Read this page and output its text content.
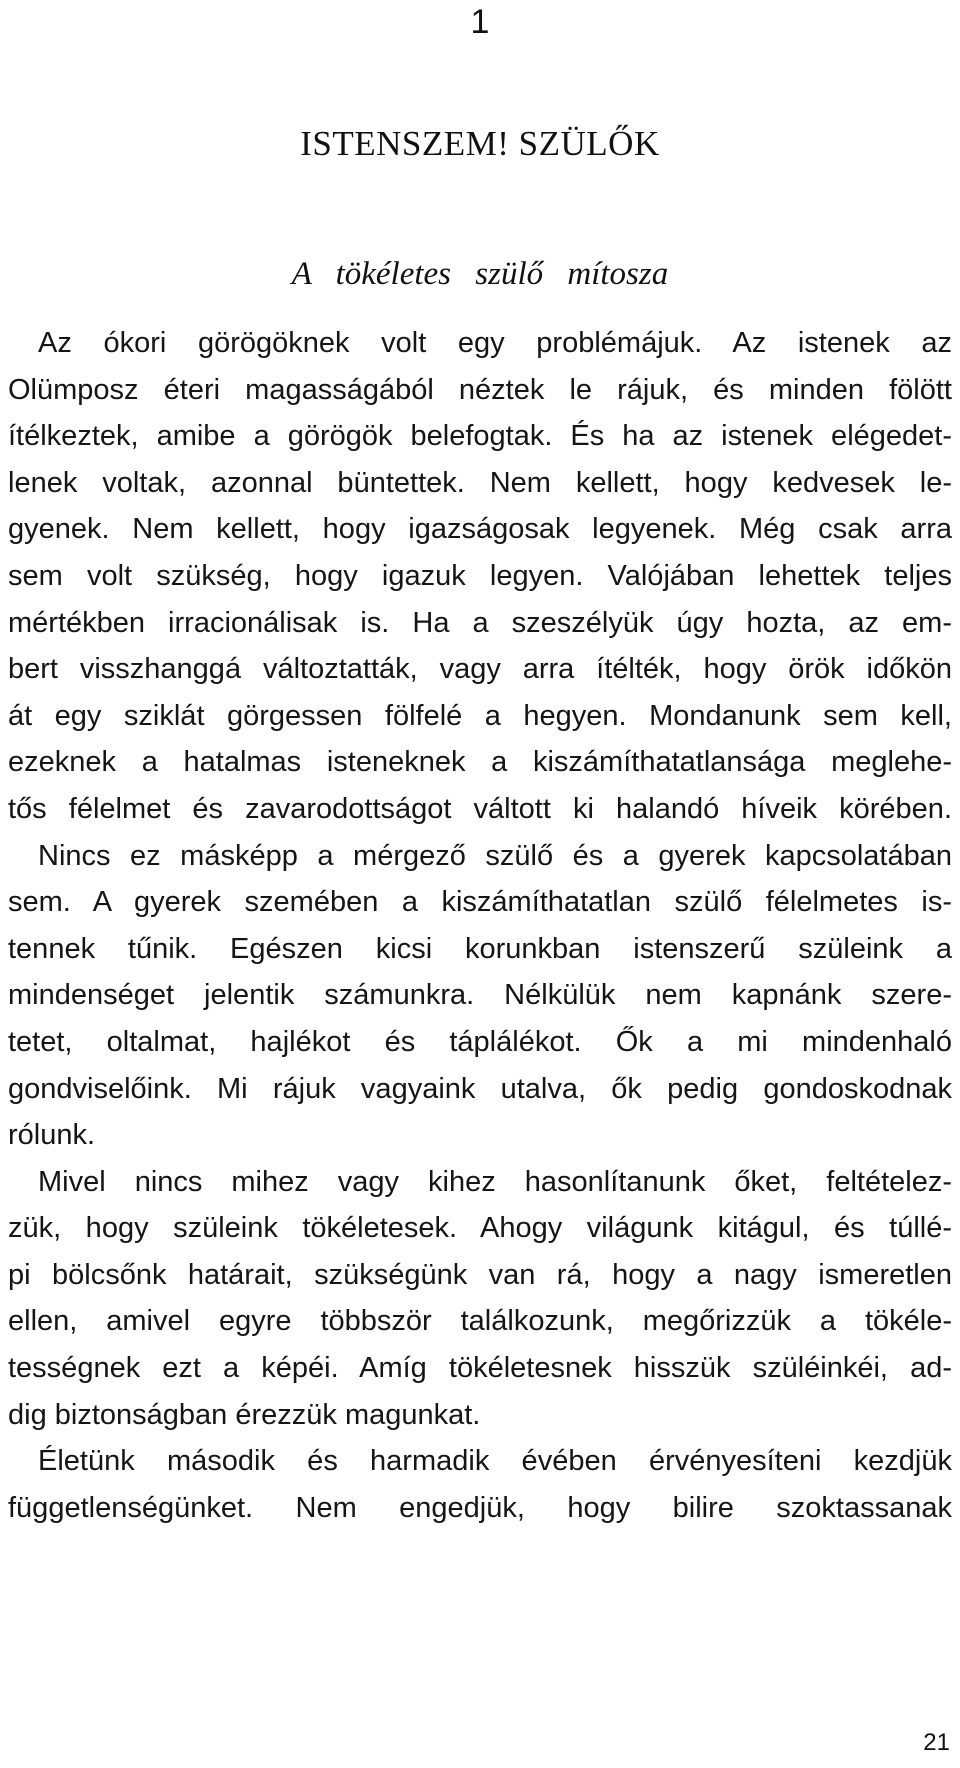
1
ISTENSZEM! SZÜLŐK
A tökéletes szülő mítosza
Az ókori görögöknek volt egy problémájuk. Az istenek az
Olümposz éteri magasságából néztek le rájuk, és minden fölött
ítélkeztek, amibe a görögök belefogtak. És ha az istenek elégedet-
lenek voltak, azonnal büntettek. Nem kellett, hogy kedvesek le-
gyenek. Nem kellett, hogy igazságosak legyenek. Még csak arra
sem volt szükség, hogy igazuk legyen. Valójában lehettek teljes
mértékben irracionálisak is. Ha a szeszélyük úgy hozta, az em-
bert visszhanggá változtatták, vagy arra ítélték, hogy örök időkön
át egy sziklát görgessen fölfelé a hegyen. Mondanunk sem kell,
ezeknek a hatalmas isteneknek a kiszámíthatatlansága meglehe-
tős félelmet és zavarodottságot váltott ki halandó híveik körében.
Nincs ez másképp a mérgező szülő és a gyerek kapcsolatában
sem. A gyerek szemében a kiszámíthatatlan szülő félelmetes is-
tennek tűnik. Egészen kicsi korunkban istenszerű szüleink a
mindenséget jelentik számunkra. Nélkülük nem kapnánk szere-
tetet, oltalmat, hajlékot és táplálékot. Ők a mi mindenhaló
gondviselőink. Mi rájuk vagyaink utalva, ők pedig gondoskodnak
rólunk.
Mivel nincs mihez vagy kihez hasonlítanunk őket, feltételez-
zük, hogy szüleink tökéletesek. Ahogy világunk kitágul, és túllé-
pi bölcsőnk határait, szükségünk van rá, hogy a nagy ismeretlen
ellen, amivel egyre többször találkozunk, megőrizzük a tökéle-
tességnek ezt a képéi. Amíg tökéletesnek hisszük szüléinkéi, ad-
dig biztonságban érezzük magunkat.
Életünk második és harmadik évében érvényesíteni kezdjük
függetlenségünket. Nem engedjük, hogy bilire szoktassanak
21
